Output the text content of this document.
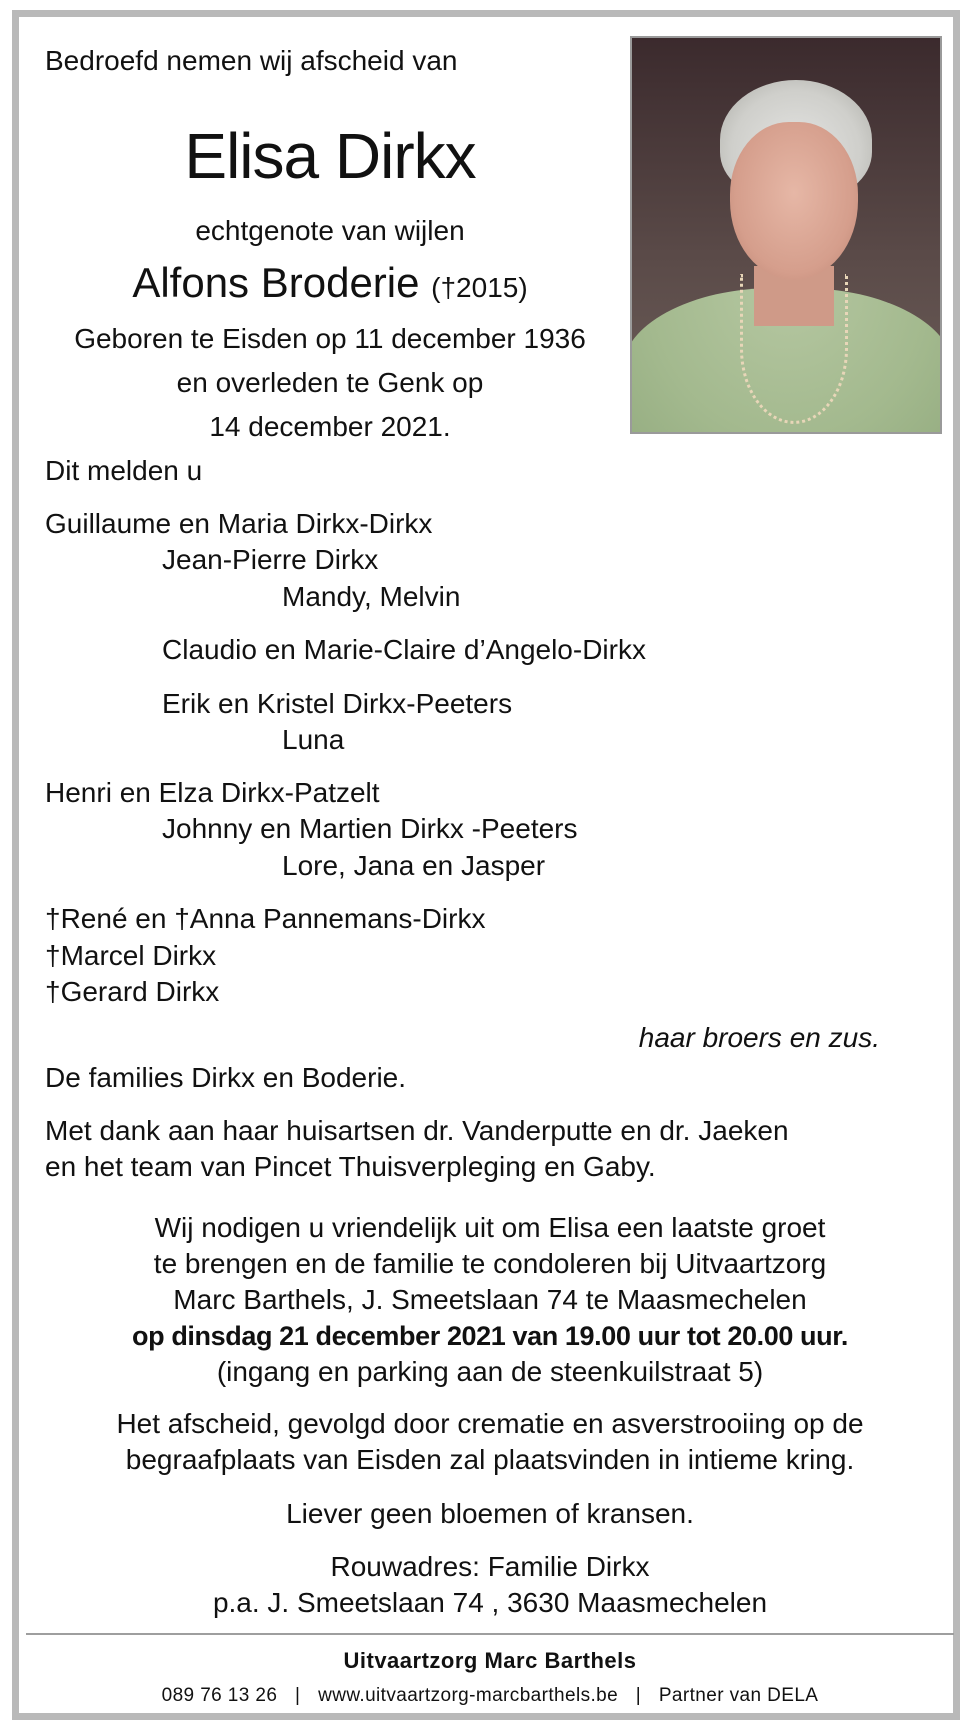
Bedroefd nemen wij afscheid van
Elisa Dirkx
echtgenote van wijlen
Alfons Broderie (†2015)
Geboren te Eisden op 11 december 1936
en overleden te Genk op
14 december 2021.
Dit melden u
Guillaume en Maria Dirkx-Dirkx
Jean-Pierre Dirkx
Mandy, Melvin
Claudio en Marie-Claire d’Angelo-Dirkx
Erik en Kristel Dirkx-Peeters
Luna
Henri en Elza Dirkx-Patzelt
Johnny en Martien Dirkx -Peeters
Lore, Jana en Jasper
†René en †Anna Pannemans-Dirkx
†Marcel Dirkx
†Gerard Dirkx
haar broers en zus.
De families Dirkx en Boderie.
Met dank aan haar huisartsen dr. Vanderputte en dr. Jaeken
en het team van Pincet Thuisverpleging en Gaby.
Wij nodigen u vriendelijk uit om Elisa een laatste groet
te brengen en de familie te condoleren bij Uitvaartzorg
Marc Barthels, J. Smeetslaan 74 te Maasmechelen
op dinsdag 21 december 2021 van 19.00 uur tot 20.00 uur.
(ingang en parking aan de steenkuilstraat 5)
Het afscheid, gevolgd door crematie en asverstrooiing op de
begraafplaats van Eisden zal plaatsvinden in intieme kring.
Liever geen bloemen of kransen.
Rouwadres: Familie Dirkx
p.a. J. Smeetslaan 74 , 3630 Maasmechelen
Uitvaartzorg Marc Barthels
089 76 13 26 | www.uitvaartzorg-marcbarthels.be | Partner van DELA
